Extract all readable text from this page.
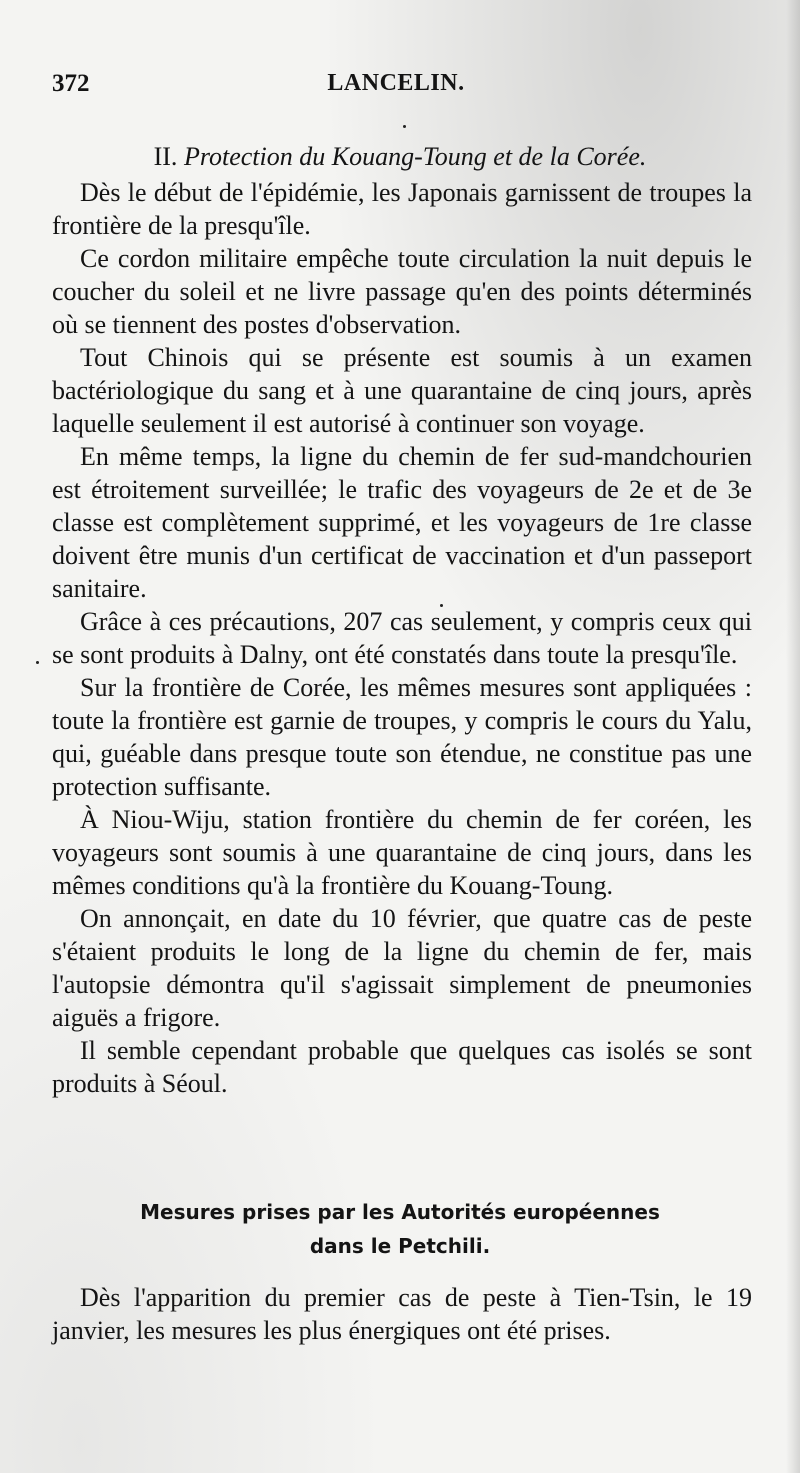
372	LANCELIN.
II. Protection du Kouang-Toung et de la Corée.

Dès le début de l'épidémie, les Japonais garnissent de troupes la frontière de la presqu'île.

Ce cordon militaire empêche toute circulation la nuit depuis le coucher du soleil et ne livre passage qu'en des points déterminés où se tiennent des postes d'observation.

Tout Chinois qui se présente est soumis à un examen bactériologique du sang et à une quarantaine de cinq jours, après laquelle seulement il est autorisé à continuer son voyage.

En même temps, la ligne du chemin de fer sud-mandchourien est étroitement surveillée; le trafic des voyageurs de 2e et de 3e classe est complètement supprimé, et les voyageurs de 1re classe doivent être munis d'un certificat de vaccination et d'un passeport sanitaire.

Grâce à ces précautions, 207 cas seulement, y compris ceux qui se sont produits à Dalny, ont été constatés dans toute la presqu'île.

Sur la frontière de Corée, les mêmes mesures sont appliquées : toute la frontière est garnie de troupes, y compris le cours du Yalu, qui, guéable dans presque toute son étendue, ne constitue pas une protection suffisante.

À Niou-Wiju, station frontière du chemin de fer coréen, les voyageurs sont soumis à une quarantaine de cinq jours, dans les mêmes conditions qu'à la frontière du Kouang-Toung.

On annonçait, en date du 10 février, que quatre cas de peste s'étaient produits le long de la ligne du chemin de fer, mais l'autopsie démontra qu'il s'agissait simplement de pneumonies aiguës a frigore.

Il semble cependant probable que quelques cas isolés se sont produits à Séoul.

Mesures prises par les Autorités européennes
dans le Petchili.

Dès l'apparition du premier cas de peste à Tien-Tsin, le 19 janvier, les mesures les plus énergiques ont été prises.
